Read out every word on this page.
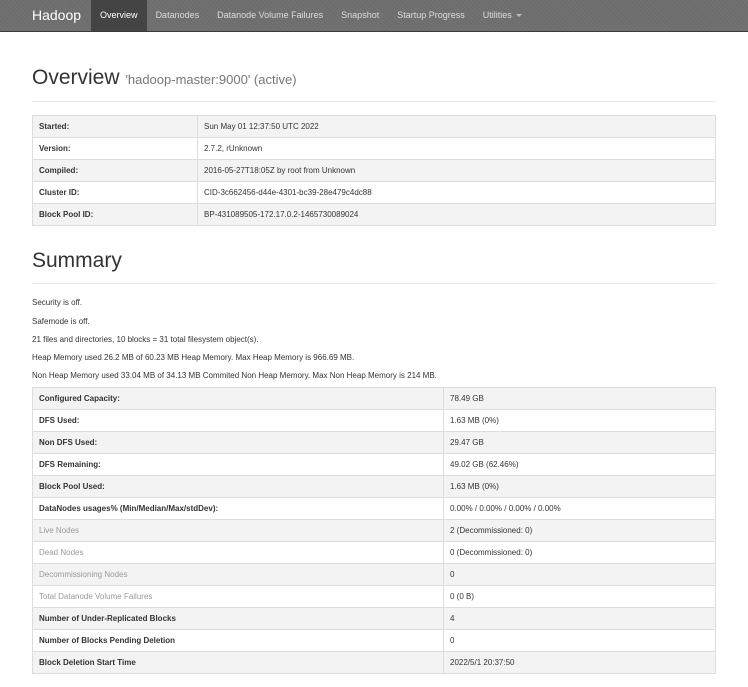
Hadoop	Overview	Datanodes	Datanode Volume Failures	Snapshot	Startup Progress	Utilities
Overview 'hadoop-master:9000' (active)
Started:	Sun May 01 12:37:50 UTC 2022
Version:	2.7.2, rUnknown
Compiled:	2016-05-27T18:05Z by root from Unknown
Cluster ID:	CID-3c662456-d44e-4301-bc39-28e479c4dc88
Block Pool ID:	BP-431089505-172.17.0.2-1465730089024
Summary
Security is off.
Safemode is off.
21 files and directories, 10 blocks = 31 total filesystem object(s).
Heap Memory used 26.2 MB of 60.23 MB Heap Memory. Max Heap Memory is 966.69 MB.
Non Heap Memory used 33.04 MB of 34.13 MB Commited Non Heap Memory. Max Non Heap Memory is 214 MB.
Configured Capacity:	78.49 GB
DFS Used:	1.63 MB (0%)
Non DFS Used:	29.47 GB
DFS Remaining:	49.02 GB (62.46%)
Block Pool Used:	1.63 MB (0%)
DataNodes usages% (Min/Median/Max/stdDev):	0.00% / 0.00% / 0.00% / 0.00%
Live Nodes	2 (Decommissioned: 0)
Dead Nodes	0 (Decommissioned: 0)
Decommissioning Nodes	0
Total Datanode Volume Failures	0 (0 B)
Number of Under-Replicated Blocks	4
Number of Blocks Pending Deletion	0
Block Deletion Start Time	2022/5/1 20:37:50
